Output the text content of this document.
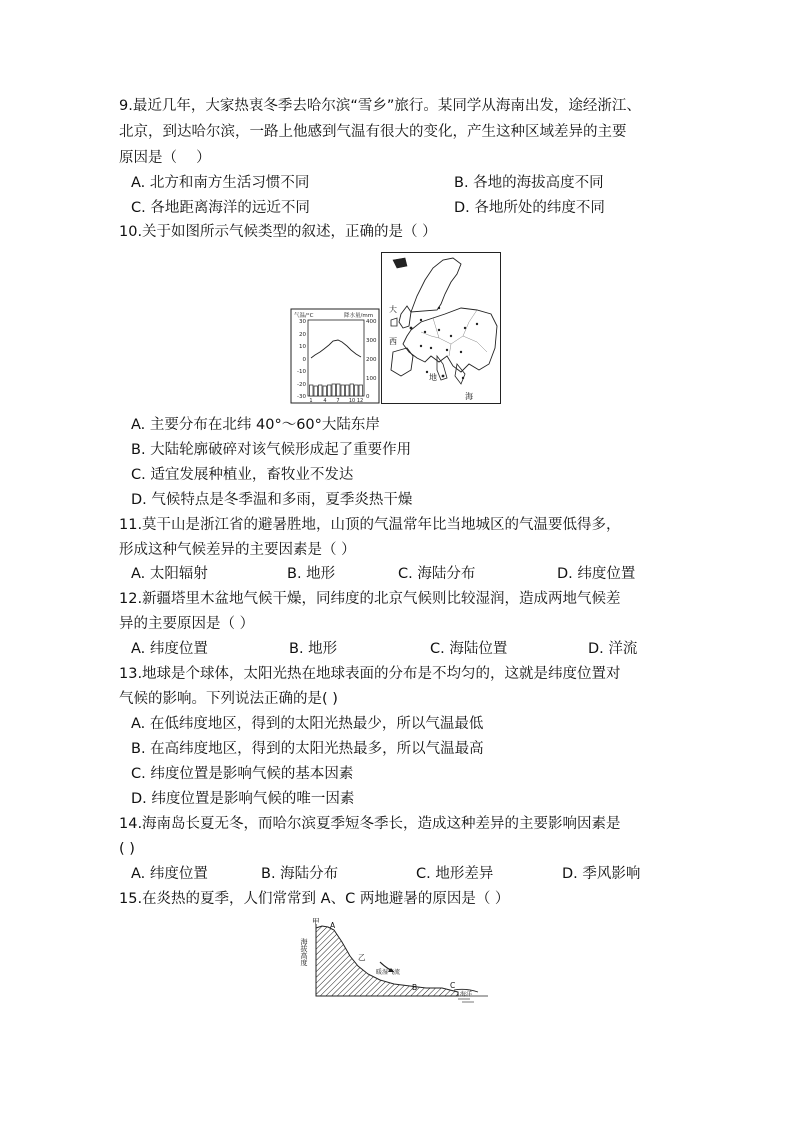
9.最近几年，大家热衷冬季去哈尔滨“雪乡”旅行。某同学从海南出发，途经浙江、
北京，到达哈尔滨，一路上他感到气温有很大的变化，产生这种区域差异的主要
原因是（　 ）
A. 北方和南方生活习惯不同	B. 各地的海拔高度不同
C. 各地距离海洋的远近不同	D. 各地所处的纬度不同
10.关于如图所示气候类型的叙述，正确的是（ ）
气温/°C	降水量/mm
30
20
10
0
-10
-20
-30
400
300
200
100
0
1 4 7 10 12
大
西
地
海
A. 主要分布在北纬 40°～60°大陆东岸
B. 大陆轮廓破碎对该气候形成起了重要作用
C. 适宜发展种植业，畜牧业不发达
D. 气候特点是冬季温和多雨，夏季炎热干燥
11.莫干山是浙江省的避暑胜地，山顶的气温常年比当地城区的气温要低得多，
形成这种气候差异的主要因素是（ ）
A. 太阳辐射	B. 地形	C. 海陆分布	D. 纬度位置
12.新疆塔里木盆地气候干燥，同纬度的北京气候则比较湿润，造成两地气候差
异的主要原因是（ ）
A. 纬度位置	B. 地形	C. 海陆位置	D. 洋流
13.地球是个球体，太阳光热在地球表面的分布是不均匀的，这就是纬度位置对
气候的影响。下列说法正确的是( )
A. 在低纬度地区，得到的太阳光热最少，所以气温最低
B. 在高纬度地区，得到的太阳光热最多，所以气温最高
C. 纬度位置是影响气候的基本因素
D. 纬度位置是影响气候的唯一因素
14.海南岛长夏无冬，而哈尔滨夏季短冬季长，造成这种差异的主要影响因素是
( )
A. 纬度位置	B. 海陆分布	C. 地形差异	D. 季风影响
15.在炎热的夏季，人们常常到 A、C 两地避暑的原因是（ ）
甲 A
乙
B	C
暖湿气流
海洋
海拔高度
